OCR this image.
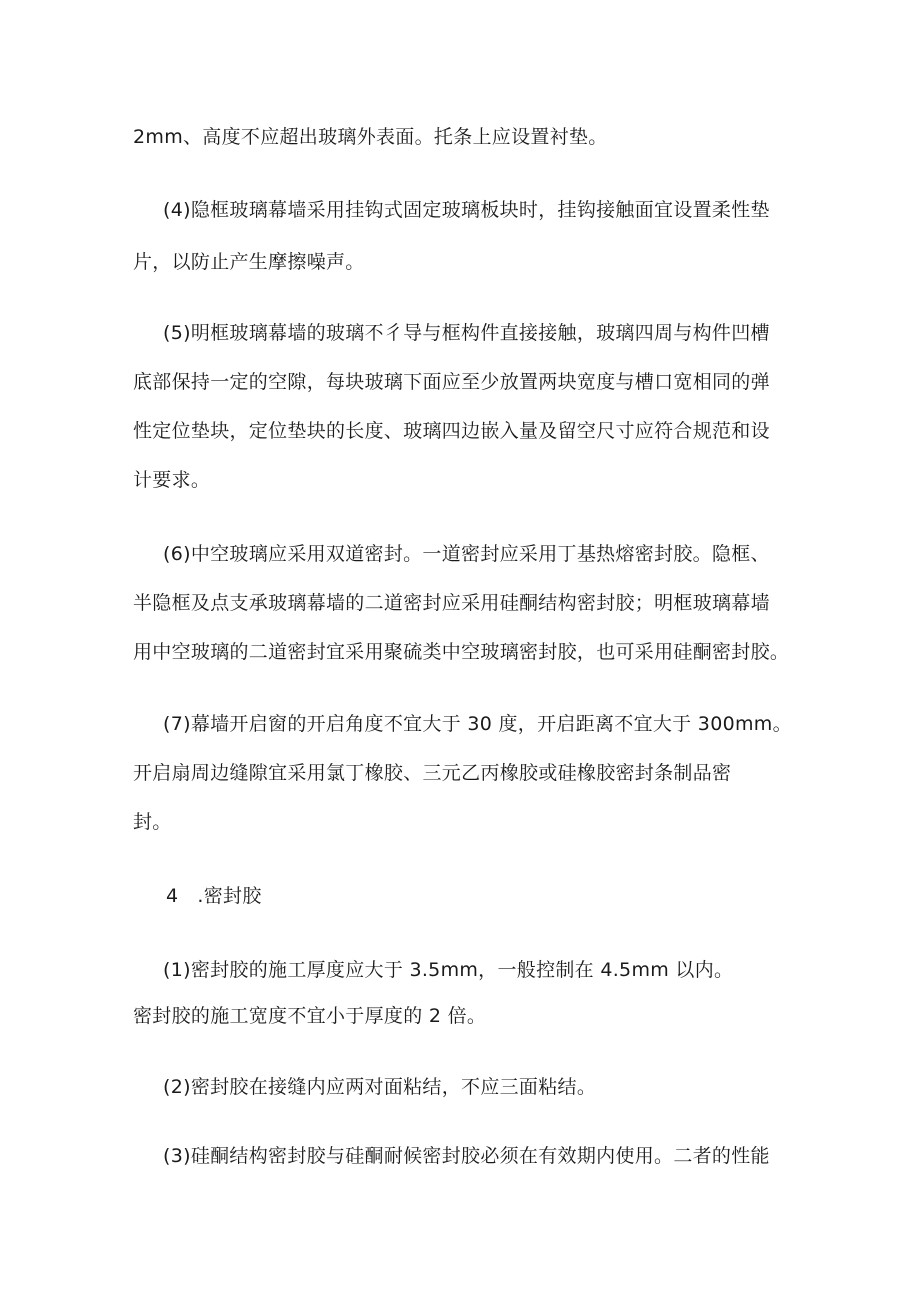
2mm、高度不应超出玻璃外表面。托条上应设置衬垫。
(4)隐框玻璃幕墙采用挂钩式固定玻璃板块时，挂钩接触面宜设置柔性垫
片，以防止产生摩擦噪声。
(5)明框玻璃幕墙的玻璃不彳导与框构件直接接触，玻璃四周与构件凹槽
底部保持一定的空隙，每块玻璃下面应至少放置两块宽度与槽口宽相同的弹
性定位垫块，定位垫块的长度、玻璃四边嵌入量及留空尺寸应符合规范和设
计要求。
(6)中空玻璃应采用双道密封。一道密封应采用丁基热熔密封胶。隐框、
半隐框及点支承玻璃幕墙的二道密封应采用硅酮结构密封胶；明框玻璃幕墙
用中空玻璃的二道密封宜采用聚硫类中空玻璃密封胶，也可采用硅酮密封胶。
(7)幕墙开启窗的开启角度不宜大于 30 度，开启距离不宜大于 300mm。
开启扇周边缝隙宜采用氯丁橡胶、三元乙丙橡胶或硅橡胶密封条制品密
封。
4   .密封胶
(1)密封胶的施工厚度应大于 3.5mm，一般控制在 4.5mm 以内。
密封胶的施工宽度不宜小于厚度的 2 倍。
(2)密封胶在接缝内应两对面粘结，不应三面粘结。
(3)硅酮结构密封胶与硅酮耐候密封胶必须在有效期内使用。二者的性能
